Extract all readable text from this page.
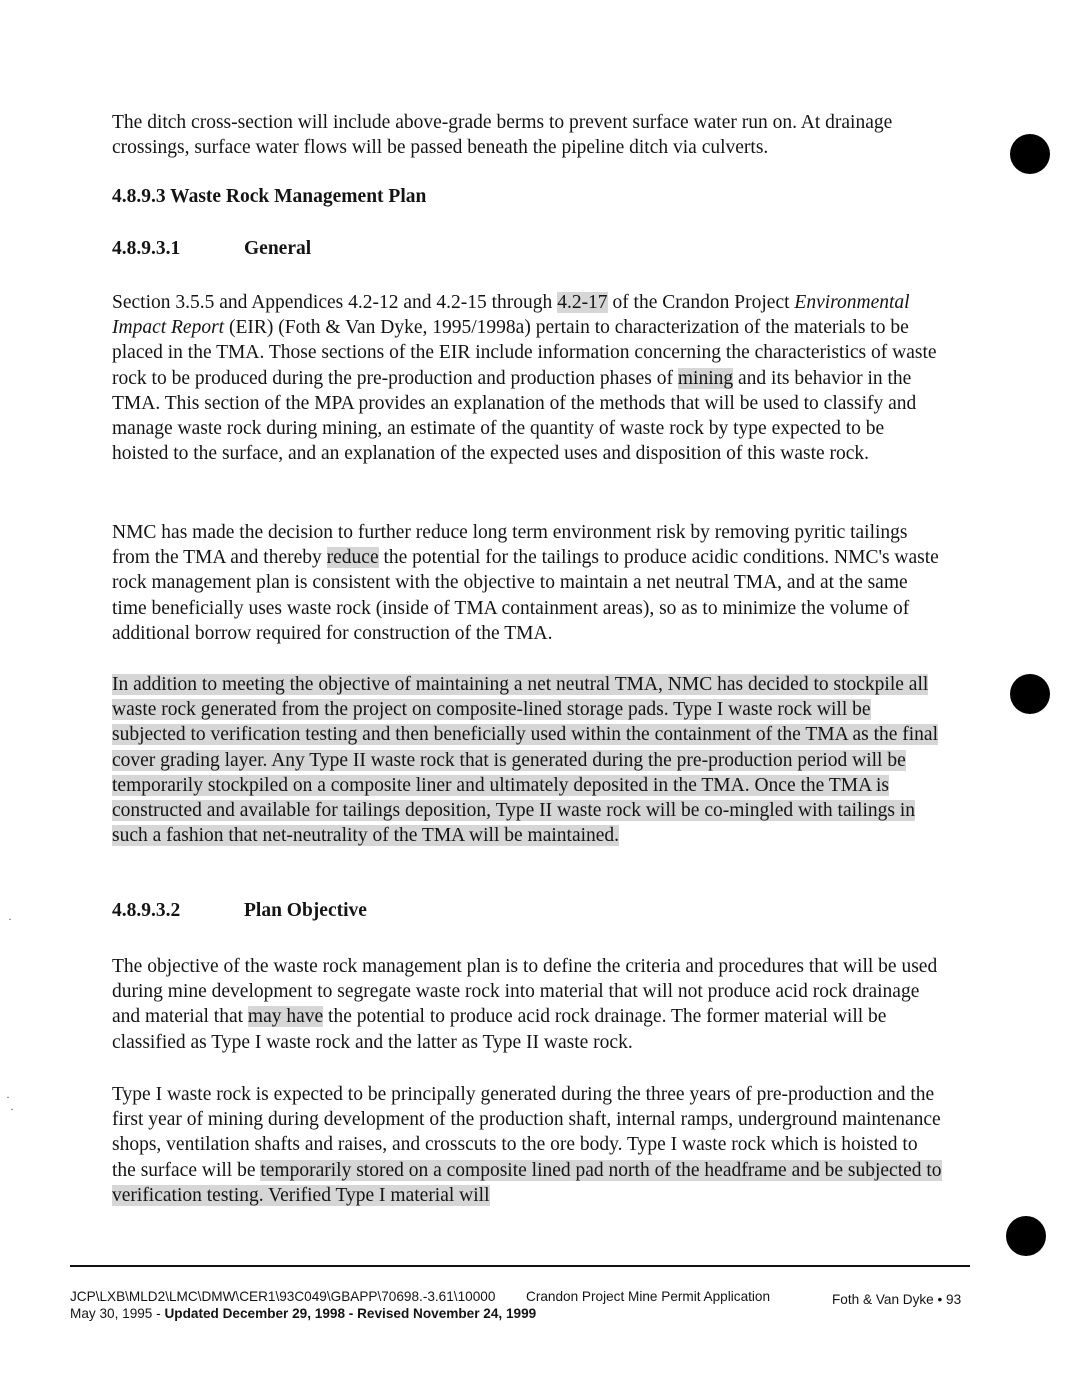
The ditch cross-section will include above-grade berms to prevent surface water run on. At drainage crossings, surface water flows will be passed beneath the pipeline ditch via culverts.

4.8.9.3 Waste Rock Management Plan
4.8.9.3.1	General

Section 3.5.5 and Appendices 4.2-12 and 4.2-15 through 4.2-17 of the Crandon Project Environmental Impact Report (EIR) (Foth & Van Dyke, 1995/1998a) pertain to characterization of the materials to be placed in the TMA. Those sections of the EIR include information concerning the characteristics of waste rock to be produced during the pre-production and production phases of mining and its behavior in the TMA. This section of the MPA provides an explanation of the methods that will be used to classify and manage waste rock during mining, an estimate of the quantity of waste rock by type expected to be hoisted to the surface, and an explanation of the expected uses and disposition of this waste rock.

NMC has made the decision to further reduce long term environment risk by removing pyritic tailings from the TMA and thereby reduce the potential for the tailings to produce acidic conditions. NMC's waste rock management plan is consistent with the objective to maintain a net neutral TMA, and at the same time beneficially uses waste rock (inside of TMA containment areas), so as to minimize the volume of additional borrow required for construction of the TMA.

In addition to meeting the objective of maintaining a net neutral TMA, NMC has decided to stockpile all waste rock generated from the project on composite-lined storage pads. Type I waste rock will be subjected to verification testing and then beneficially used within the containment of the TMA as the final cover grading layer. Any Type II waste rock that is generated during the pre-production period will be temporarily stockpiled on a composite liner and ultimately deposited in the TMA. Once the TMA is constructed and available for tailings deposition, Type II waste rock will be co-mingled with tailings in such a fashion that net-neutrality of the TMA will be maintained.

4.8.9.3.2	Plan Objective

The objective of the waste rock management plan is to define the criteria and procedures that will be used during mine development to segregate waste rock into material that will not produce acid rock drainage and material that may have the potential to produce acid rock drainage. The former material will be classified as Type I waste rock and the latter as Type II waste rock.

Type I waste rock is expected to be principally generated during the three years of pre-production and the first year of mining during development of the production shaft, internal ramps, underground maintenance shops, ventilation shafts and raises, and crosscuts to the ore body. Type I waste rock which is hoisted to the surface will be temporarily stored on a composite lined pad north of the headframe and be subjected to verification testing. Verified Type I material will

·
·
·
JCP\LXB\MLD2\LMC\DMW\CER1\93C049\GBAPP\70698.-3.61\10000 Crandon Project Mine Permit Application	Foth & Van Dyke • 93
May 30, 1995 - Updated December 29, 1998 - Revised November 24, 1999
